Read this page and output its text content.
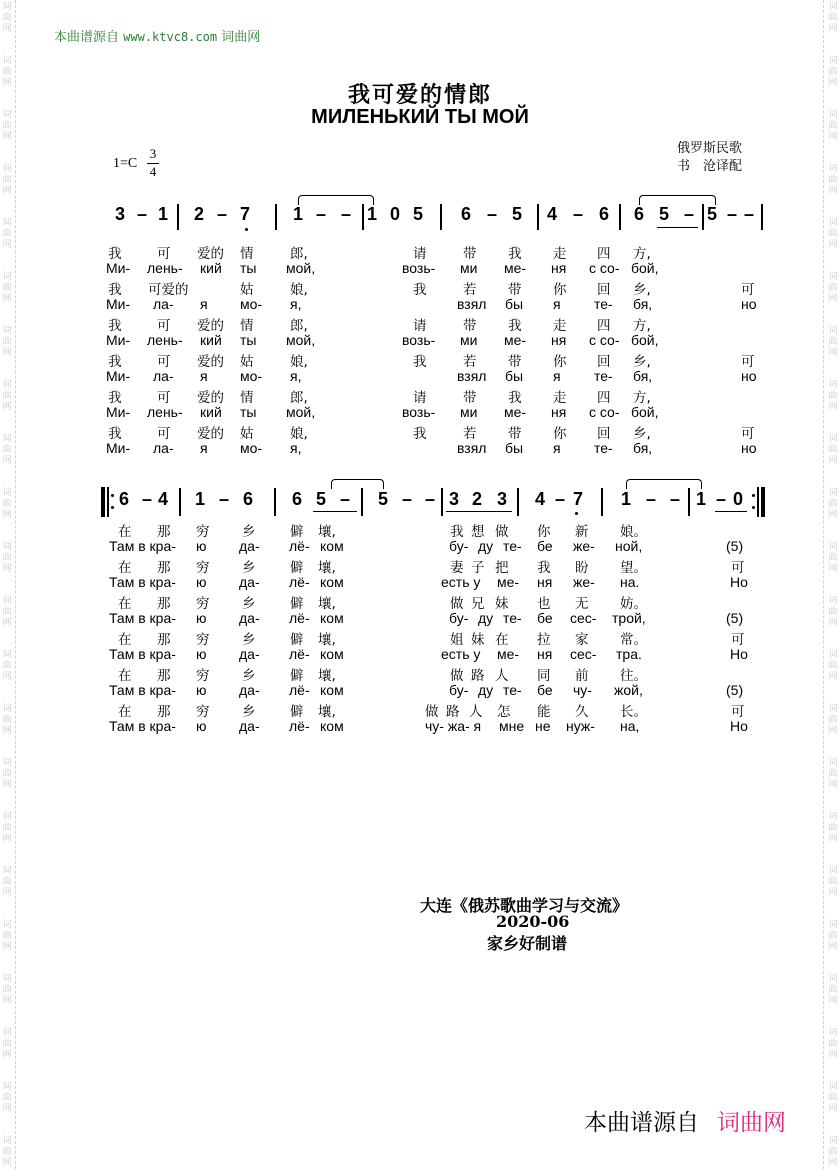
词
曲
网
词
曲
网
词
曲
网
词
曲
网
词
曲
网
词
曲
网
词
曲
网
词
曲
网
词
曲
网
词
曲
网
词
曲
网
词
曲
网
词
曲
网
词
曲
网
词
曲
网
词
曲
网
词
曲
网
词
曲
网
词
曲
网
词
曲
网
词
曲
网
词
曲
网
词
曲
网
词
曲
网
词
曲
网
词
曲
网
词
曲
网
词
曲
网
词
曲
网
词
曲
网
词
曲
网
词
曲
网
词
曲
网
词
曲
网
词
曲
网
词
曲
网
词
曲
网
词
曲
网
词
曲
网
词
曲
网
词
曲
网
词
曲
网
词
曲
网
词
曲
网
本曲谱源自 www.ktvc8.com 词曲网
我可爱的情郎
МИЛЕНЬКИЙ ТЫ МОЙ
俄罗斯民歌
书　沧译配
1=C
3
4
3 – 1 2 – 7 1 – – 1 0 5 6 – 5 4 – 6 6 5 – 5 – –
我	可 爱的 情	郎,	请	带 我 走 四 方,
Ми- лень- кий ты мой,	возь- ми ме- ня с со- бой,
我 可爱的	姑	娘,	我	若 带 你 回 乡,	可
Ми- ла- я мо- я,	взял бы я те- бя,	но
我	可 爱的 情	郎,	请	带 我 走 四 方,
Ми- лень- кий ты мой,	возь- ми ме- ня с со- бой,
我	可 爱的 姑	娘,	我	若 带 你 回 乡,	可
Ми- ла- я мо- я,	взял бы я те- бя,	но
我	可 爱的 情	郎,	请	带 我 走 四 方,
Ми- лень- кий ты мой,	возь- ми ме- ня с со- бой,
我	可 爱的 姑	娘,	我	若 带 你 回 乡,	可
Ми- ла- я мо- я,	взял бы я те- бя,	но
6 – 4 1 – 6 6 5 – 5 – – 3 2 3 4 – 7 1 – – 1 – 0
在 那 穷 乡	僻 壤,	我 想 做 你 新 娘。
Там в кра- ю да- лё- ком	бу- ду те- бе же- ной,	(5)
在 那 穷 乡	僻 壤,	妻 子 把 我 盼 望。	可
Там в кра- ю да- лё- ком	есть у ме- ня же- на.	Но
在 那 穷 乡	僻 壤,	做 兄 妹 也 无 妨。
Там в кра- ю да- лё- ком	бу- ду те- бе сес- трой,	(5)
在 那 穷 乡	僻 壤,	姐 妹 在 拉 家 常。	可
Там в кра- ю да- лё- ком	есть у ме- ня сес- тра.	Но
在 那 穷 乡	僻 壤,	做 路 人 同 前 往。
Там в кра- ю да- лё- ком	бу- ду те- бе чу- жой,	(5)
在 那 穷 乡	僻 壤,	做 路 人 怎 能 久 长。	可
Там в кра- ю да- лё- ком	чу- жа- я мне не нуж- на,	Но
大连《俄苏歌曲学习与交流》
2020-06
家乡好制谱
本曲谱源自 词曲网
